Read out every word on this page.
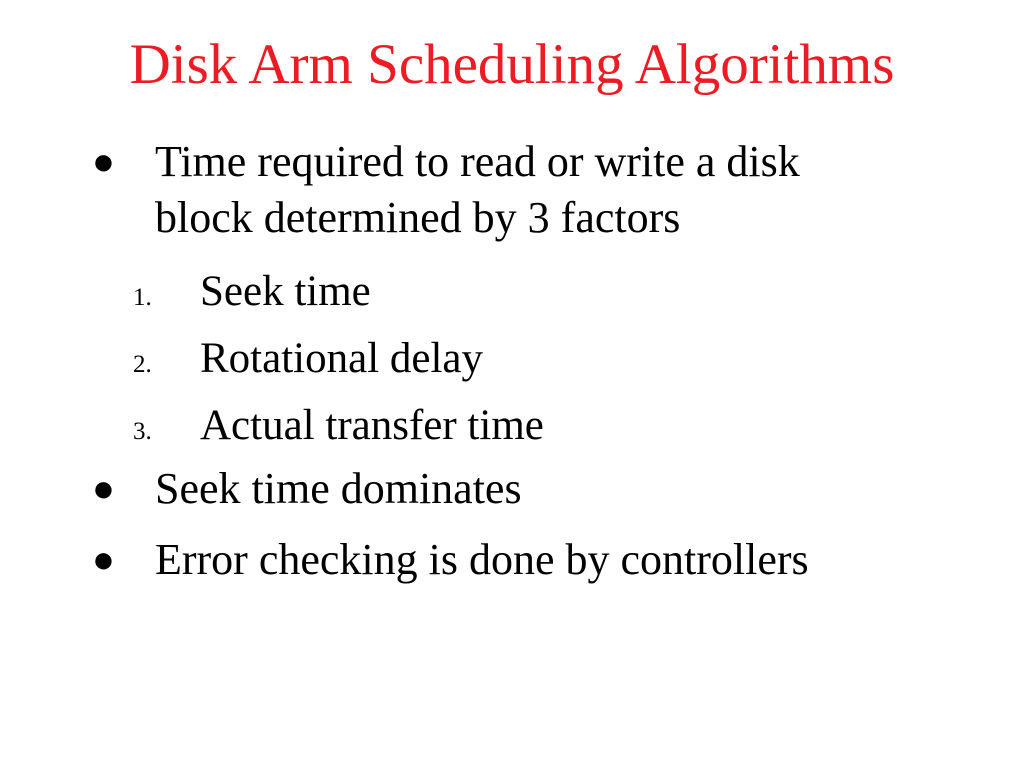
Disk Arm Scheduling Algorithms
● Time required to read or write a disk
block determined by 3 factors
1.	Seek time
2.	Rotational delay
3.	Actual transfer time
● Seek time dominates
● Error checking is done by controllers
